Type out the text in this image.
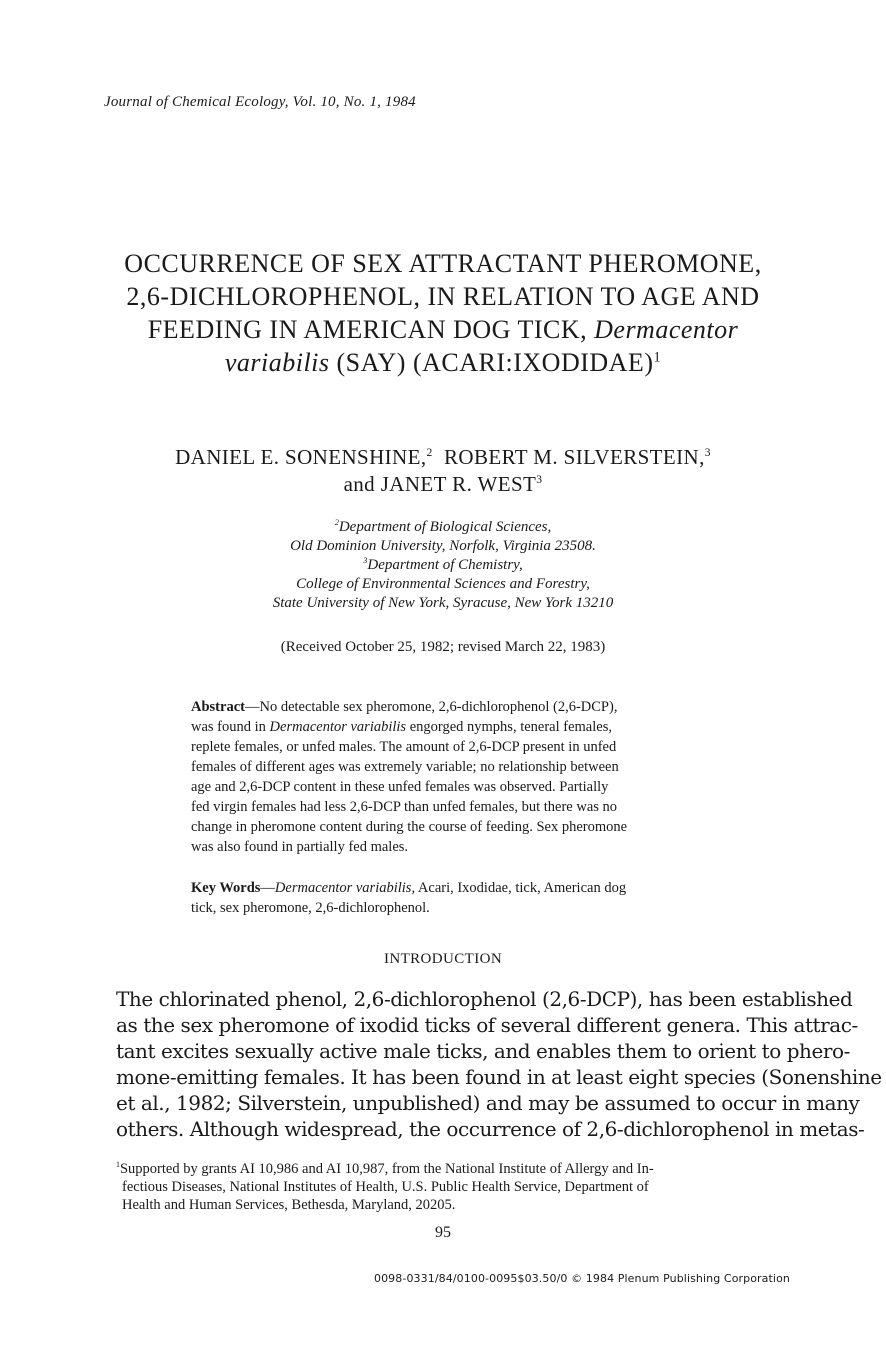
Journal of Chemical Ecology, Vol. 10, No. 1, 1984
OCCURRENCE OF SEX ATTRACTANT PHEROMONE,
2,6-DICHLOROPHENOL, IN RELATION TO AGE AND
FEEDING IN AMERICAN DOG TICK, Dermacentor
variabilis (SAY) (ACARI:IXODIDAE)$^1$
DANIEL E. SONENSHINE,$^2$ ROBERT M. SILVERSTEIN,$^3$
and JANET R. WEST$^3$
$^2$Department of Biological Sciences,
Old Dominion University, Norfolk, Virginia 23508.
$^3$Department of Chemistry,
College of Environmental Sciences and Forestry,
State University of New York, Syracuse, New York 13210
(Received October 25, 1982; revised March 22, 1983)
Abstract—No detectable sex pheromone, 2,6-dichlorophenol (2,6-DCP),
was found in Dermacentor variabilis engorged nymphs, teneral females,
replete females, or unfed males. The amount of 2,6-DCP present in unfed
females of different ages was extremely variable; no relationship between
age and 2,6-DCP content in these unfed females was observed. Partially
fed virgin females had less 2,6-DCP than unfed females, but there was no
change in pheromone content during the course of feeding. Sex pheromone
was also found in partially fed males.
Key Words—Dermacentor variabilis, Acari, Ixodidae, tick, American dog
tick, sex pheromone, 2,6-dichlorophenol.
INTRODUCTION
The chlorinated phenol, 2,6-dichlorophenol (2,6-DCP), has been established
as the sex pheromone of ixodid ticks of several different genera. This attrac-
tant excites sexually active male ticks, and enables them to orient to phero-
mone-emitting females. It has been found in at least eight species (Sonenshine
et al., 1982; Silverstein, unpublished) and may be assumed to occur in many
others. Although widespread, the occurrence of 2,6-dichlorophenol in metas-
$^1$Supported by grants AI 10,986 and AI 10,987, from the National Institute of Allergy and In-
fectious Diseases, National Institutes of Health, U.S. Public Health Service, Department of
Health and Human Services, Bethesda, Maryland, 20205.
95
0098-0331/84/0100-0095$03.50/0 © 1984 Plenum Publishing Corporation
